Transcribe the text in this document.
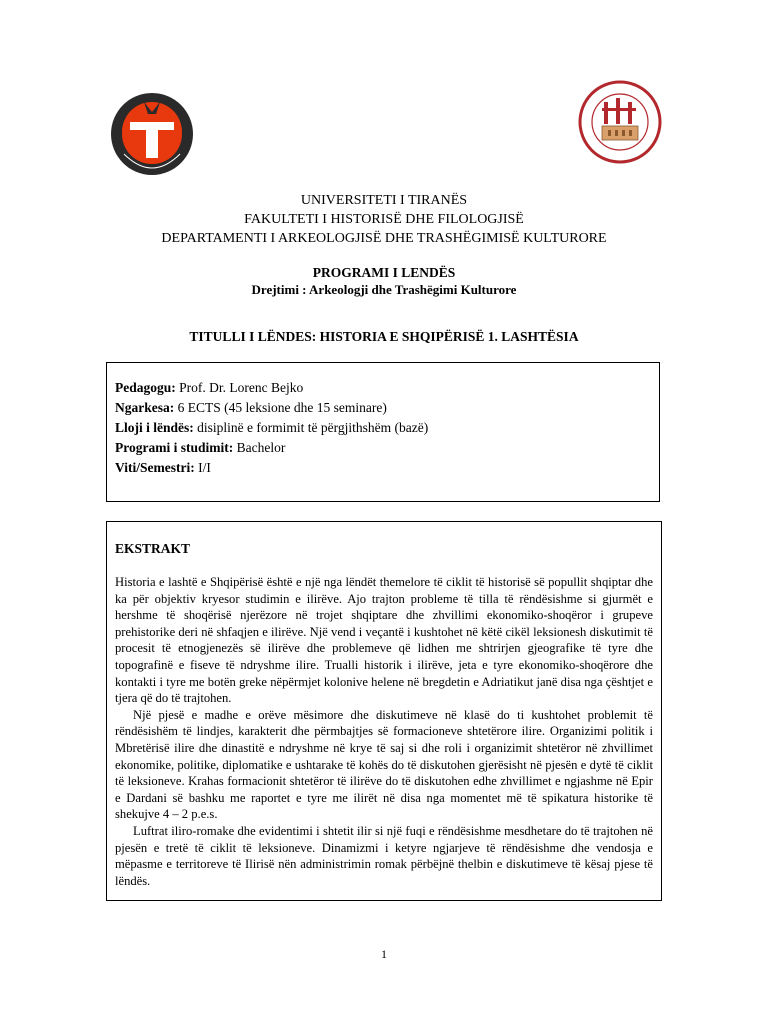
UNIVERSITETI I TIRANËS
FAKULTETI I HISTORISË DHE FILOLOGJISË
DEPARTAMENTI I ARKEOLOGJISË DHE TRASHËGIMISË KULTURORE
PROGRAMI I LENDËS
Drejtimi : Arkeologji dhe Trashëgimi Kulturore
TITULLI I LËNDES: HISTORIA E SHQIPËRISË 1. LASHTËSIA
Pedagogu: Prof. Dr. Lorenc Bejko
Ngarkesa: 6 ECTS (45 leksione dhe 15 seminare)
Lloji i lëndës: disiplinë e formimit të përgjithshëm (bazë)
Programi i studimit: Bachelor
Viti/Semestri: I/I
EKSTRAKT

Historia e lashtë e Shqipërisë është e një nga lëndët themelore të ciklit të historisë së popullit shqiptar dhe ka për objektiv kryesor studimin e ilirëve. Ajo trajton probleme të tilla të rëndësishme si gjurmët e hershme të shoqërisë njerëzore në trojet shqiptare dhe zhvillimi ekonomiko-shoqëror i grupeve prehistorike deri në shfaqjen e ilirëve. Një vend i veçantë i kushtohet në këtë cikël leksionesh diskutimit të procesit të etnogjenezës së ilirëve dhe problemeve që lidhen me shtrirjen gjeografike të tyre dhe topografinë e fiseve të ndryshme ilire. Trualli historik i ilirëve, jeta e tyre ekonomiko-shoqërore dhe kontakti i tyre me botën greke nëpërmjet kolonive helene në bregdetin e Adriatikut janë disa nga çështjet e tjera që do të trajtohen.

Një pjesë e madhe e orëve mësimore dhe diskutimeve në klasë do ti kushtohet problemit të rëndësishëm të lindjes, karakterit dhe përmbajtjes së formacioneve shtetërore ilire. Organizimi politik i Mbretërisë ilire dhe dinastitë e ndryshme në krye të saj si dhe roli i organizimit shtetëror në zhvillimet ekonomike, politike, diplomatike e ushtarake të kohës do të diskutohen gjerësisht në pjesën e dytë të ciklit të leksioneve. Krahas formacionit shtetëror të ilirëve do të diskutohen edhe zhvillimet e ngjashme në Epir e Dardani së bashku me raportet e tyre me ilirët në disa nga momentet më të spikatura historike të shekujve 4 – 2 p.e.s.

Luftrat iliro-romake dhe evidentimi i shtetit ilir si një fuqi e rëndësishme mesdhetare do të trajtohen në pjesën e tretë të ciklit të leksioneve. Dinamizmi i ketyre ngjarjeve të rëndësishme dhe vendosja e mëpasme e territoreve të Ilirisë nën administrimin romak përbëjnë thelbin e diskutimeve të kësaj pjese të lëndës.

1
